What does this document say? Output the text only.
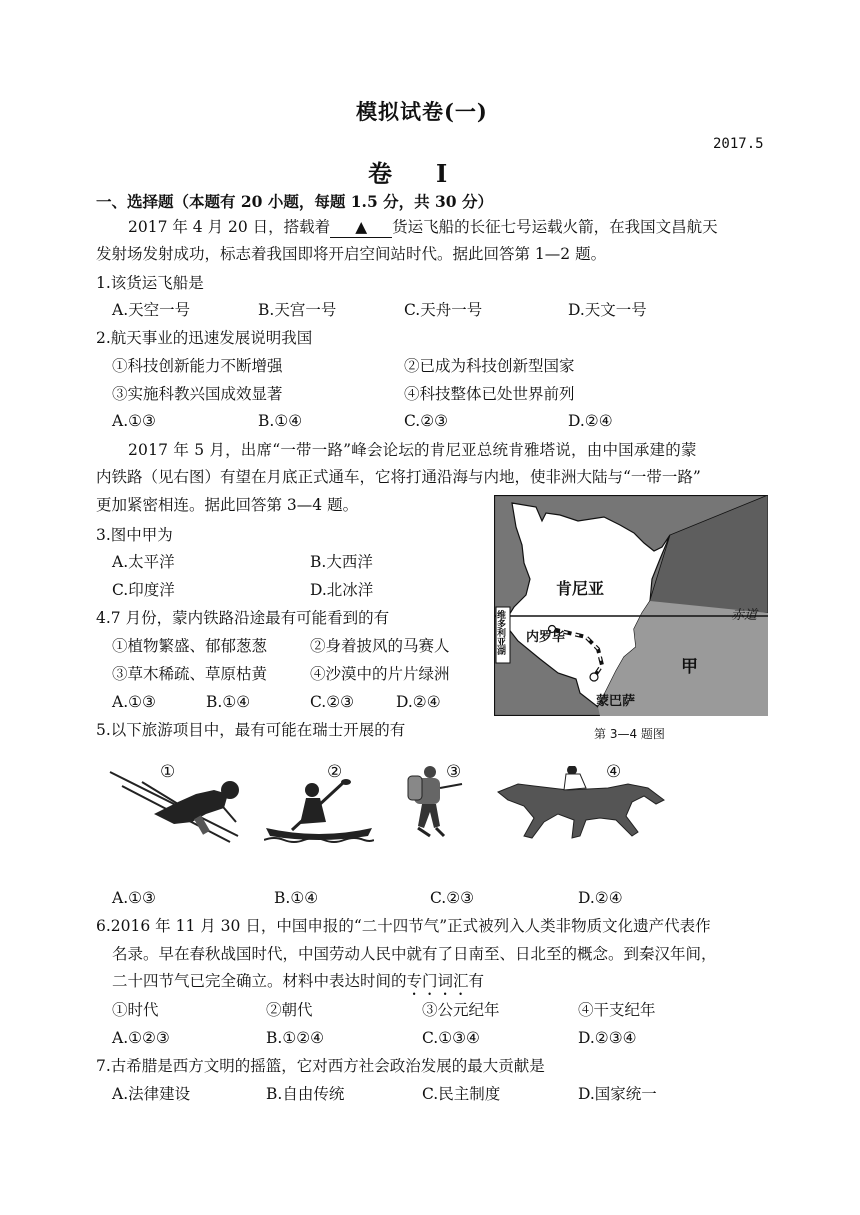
模拟试卷(一)
2017.5
卷　I
一、选择题（本题有 20 小题，每题 1.5 分，共 30 分）
2017 年 4 月 20 日，搭载着 ▲ 货运飞船的长征七号运载火箭，在我国文昌航天
发射场发射成功，标志着我国即将开启空间站时代。据此回答第 1—2 题。
1.该货运飞船是
A.天空一号	B.天宫一号	C.天舟一号	D.天文一号
2.航天事业的迅速发展说明我国
①科技创新能力不断增强	②已成为科技创新型国家
③实施科教兴国成效显著	④科技整体已处世界前列
A.①③	B.①④	C.②③	D.②④
2017 年 5 月，出席“一带一路”峰会论坛的肯尼亚总统肯雅塔说，由中国承建的蒙
内铁路（见右图）有望在月底正式通车，它将打通沿海与内地，使非洲大陆与“一带一路”
更加紧密相连。据此回答第 3—4 题。
3.图中甲为
A.太平洋	B.大西洋
C.印度洋	D.北冰洋
4.7 月份，蒙内铁路沿途最有可能看到的有
①植物繁盛、郁郁葱葱	②身着披风的马赛人
③草木稀疏、草原枯黄	④沙漠中的片片绿洲
A.①③	B.①④	C.②③	D.②④
肯尼亚
赤道
内罗毕
蒙巴萨
甲
维多利亚湖
第 3—4 题图
5.以下旅游项目中，最有可能在瑞士开展的有
①	②	③	④
A.①③	B.①④	C.②③	D.②④
6.2016 年 11 月 30 日，中国申报的“二十四节气”正式被列入人类非物质文化遗产代表作
名录。早在春秋战国时代，中国劳动人民中就有了日南至、日北至的概念。到秦汉年间，
二十四节气已完全确立。材料中表达时间的专门词汇有
①时代	②朝代	③公元纪年	④干支纪年
A.①②③	B.①②④	C.①③④	D.②③④
7.古希腊是西方文明的摇篮，它对西方社会政治发展的最大贡献是
A.法律建设	B.自由传统	C.民主制度	D.国家统一
